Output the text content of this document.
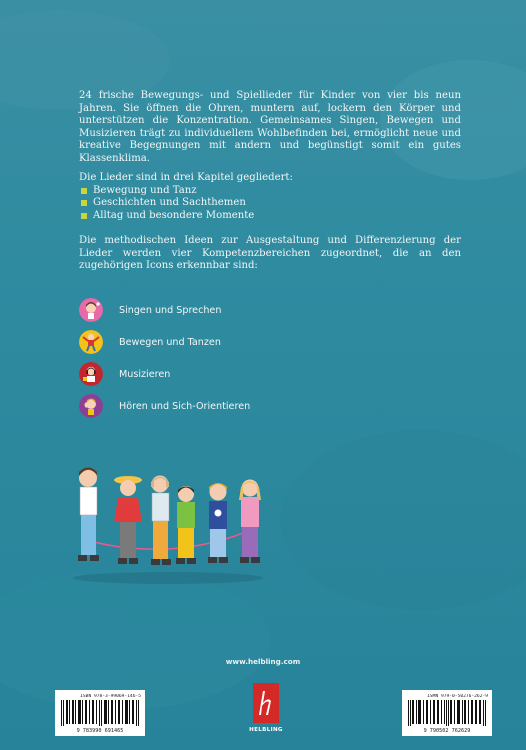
24 frische Bewegungs- und Spiellieder für Kinder von vier bis neun Jahren. Sie öffnen die Ohren, muntern auf, lockern den Körper und unterstützen die Konzentration. Gemeinsames Singen, Bewegen und Musizieren trägt zu individuellem Wohlbefinden bei, ermöglicht neue und kreative Begegnungen mit andern und begünstigt somit ein gutes Klassenklima.
Die Lieder sind in drei Kapitel gegliedert:
Bewegung und Tanz
Geschichten und Sachthemen
Alltag und besondere Momente
Die methodischen Ideen zur Ausgestaltung und Differenzierung der Lieder werden vier Kompetenzbereichen zugeordnet, die an den zugehörigen Icons erkennbar sind:
Singen und Sprechen
Bewegen und Tanzen
Musizieren
Hören und Sich-Orientieren
www.helbling.com
ISBN 978-3-99069-146-5
9 783990 691465	HELBLING
ISMN 979-0-50276-262-9
9 790502 762629
